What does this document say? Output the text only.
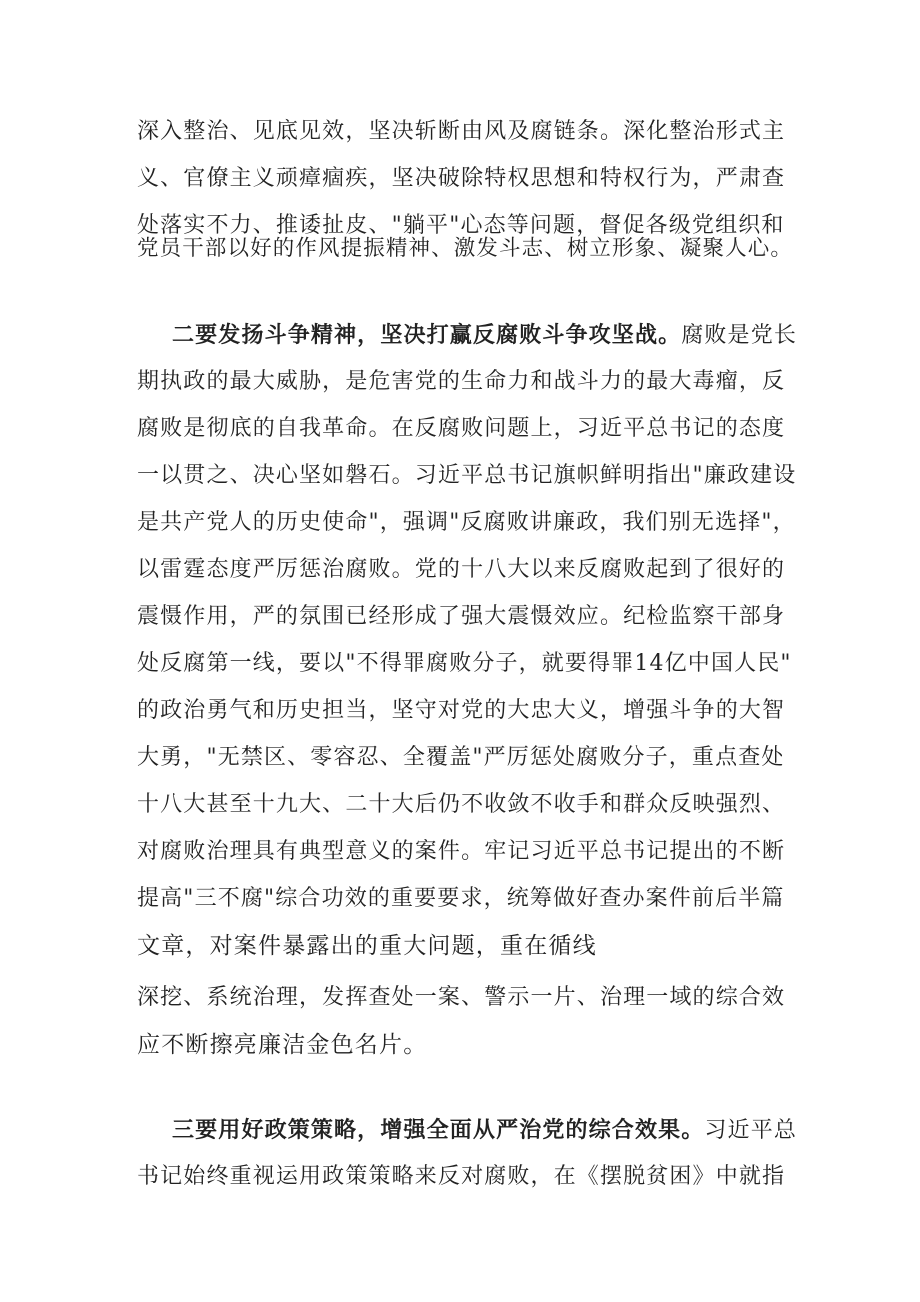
深入整治、见底见效，坚决斩断由风及腐链条。深化整治形式主
义、官僚主义顽瘴痼疾，坚决破除特权思想和特权行为，严肃查
处落实不力、推诿扯皮、"躺平"心态等问题，督促各级党组织和
党员干部以好的作风提振精神、激发斗志、树立形象、凝聚人心。
二要发扬斗争精神，坚决打赢反腐败斗争攻坚战。腐败是党长
期执政的最大威胁，是危害党的生命力和战斗力的最大毒瘤，反
腐败是彻底的自我革命。在反腐败问题上，习近平总书记的态度
一以贯之、决心坚如磐石。习近平总书记旗帜鲜明指出"廉政建设
是共产党人的历史使命"，强调"反腐败讲廉政，我们别无选择"，
以雷霆态度严厉惩治腐败。党的十八大以来反腐败起到了很好的
震慑作用，严的氛围已经形成了强大震慑效应。纪检监察干部身
处反腐第一线，要以"不得罪腐败分子，就要得罪14亿中国人民"
的政治勇气和历史担当，坚守对党的大忠大义，增强斗争的大智
大勇，"无禁区、零容忍、全覆盖"严厉惩处腐败分子，重点查处
十八大甚至十九大、二十大后仍不收敛不收手和群众反映强烈、
对腐败治理具有典型意义的案件。牢记习近平总书记提出的不断
提高"三不腐"综合功效的重要要求，统筹做好查办案件前后半篇
文章，对案件暴露出的重大问题，重在循线
深挖、系统治理，发挥查处一案、警示一片、治理一域的综合效
应不断擦亮廉洁金色名片。
三要用好政策策略，增强全面从严治党的综合效果。习近平总
书记始终重视运用政策策略来反对腐败，在《摆脱贫困》中就指
